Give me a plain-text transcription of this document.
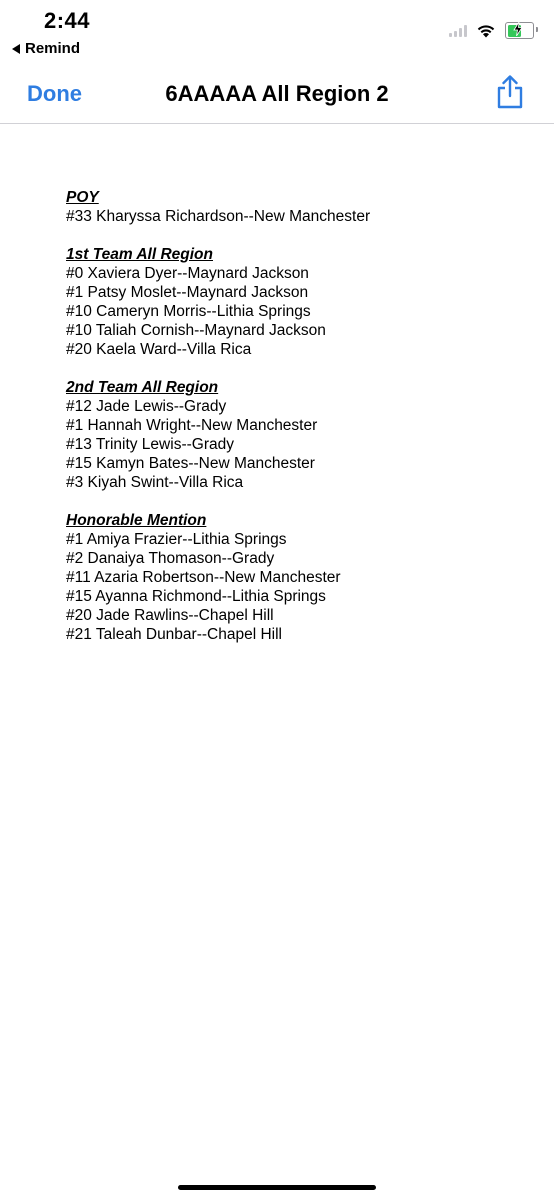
2:44
Remind
Done	6AAAAA All Region 2
POY
#33 Kharyssa Richardson--New Manchester
1st Team All Region
#0 Xaviera Dyer--Maynard Jackson
#1 Patsy Moslet--Maynard Jackson
#10 Cameryn Morris--Lithia Springs
#10 Taliah Cornish--Maynard Jackson
#20 Kaela Ward--Villa Rica
2nd Team All Region
#12 Jade Lewis--Grady
#1 Hannah Wright--New Manchester
#13 Trinity Lewis--Grady
#15 Kamyn Bates--New Manchester
#3 Kiyah Swint--Villa Rica
Honorable Mention
#1 Amiya Frazier--Lithia Springs
#2 Danaiya Thomason--Grady
#11 Azaria Robertson--New Manchester
#15 Ayanna Richmond--Lithia Springs
#20 Jade Rawlins--Chapel Hill
#21 Taleah Dunbar--Chapel Hill
